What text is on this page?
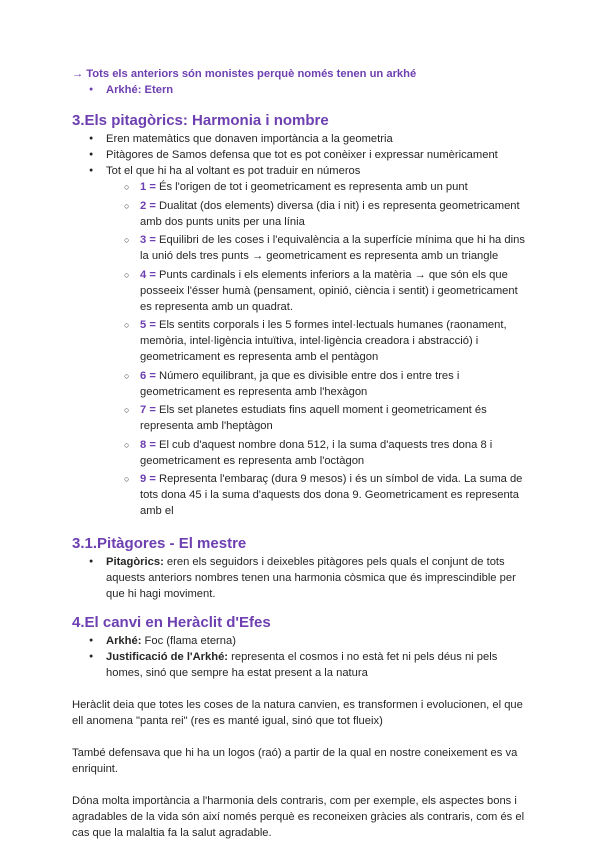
→ Tots els anteriors són monistes perquè només tenen un arkhé
● Arkhé: Etern
3.Els pitagòrics: Harmonia i nombre
● Eren matemàtics que donaven importància a la geometria
● Pitàgores de Samos defensa que tot es pot conèixer i expressar numèricament
● Tot el que hi ha al voltant es pot traduir en números
○ 1 = És l'origen de tot i geometricament es representa amb un punt
○ 2 = Dualitat (dos elements) diversa (dia i nit) i es representa geometricament amb dos punts units per una línia
○ 3 = Equilibri de les coses i l'equivalència a la superfície mínima que hi ha dins la unió dels tres punts → geometricament es representa amb un triangle
○ 4 = Punts cardinals i els elements inferiors a la matèria → que són els que posseeix l'ésser humà (pensament, opinió, ciència i sentit) i geometricament es representa amb un quadrat.
○ 5 = Els sentits corporals i les 5 formes intel·lectuals humanes (raonament, memòria, intel·ligència intuïtiva, intel·ligència creadora i abstracció) i geometricament es representa amb el pentàgon
○ 6 = Número equilibrant, ja que es divisible entre dos i entre tres i geometricament es representa amb l'hexàgon
○ 7 = Els set planetes estudiats fins aquell moment i geometricament és representa amb l'heptàgon
○ 8 = El cub d'aquest nombre dona 512, i la suma d'aquests tres dona 8 i geometricament es representa amb l'octàgon
○ 9 = Representa l'embaraç (dura 9 mesos) i és un símbol de vida. La suma de tots dona 45 i la suma d'aquests dos dona 9. Geometricament es representa amb el
3.1.Pitàgores - El mestre
● Pitagòrics: eren els seguidors i deixebles pitàgores pels quals el conjunt de tots aquests anteriors nombres tenen una harmonia còsmica que és imprescindible per que hi hagi moviment.
4.El canvi en Heràclit d'Efes
● Arkhé: Foc (flama eterna)
● Justificació de l'Arkhé: representa el cosmos i no està fet ni pels déus ni pels homes, sinó que sempre ha estat present a la natura

Heràclit deia que totes les coses de la natura canvien, es transformen i evolucionen, el que ell anomena "panta rei" (res es manté igual, sinó que tot flueix)

També defensava que hi ha un logos (raó) a partir de la qual en nostre coneixement es va enriquint.

Dóna molta importància a l'harmonia dels contraris, com per exemple, els aspectes bons i agradables de la vida són així només perquè es reconeixen gràcies als contraris, com és el cas que la malaltia fa la salut agradable.
